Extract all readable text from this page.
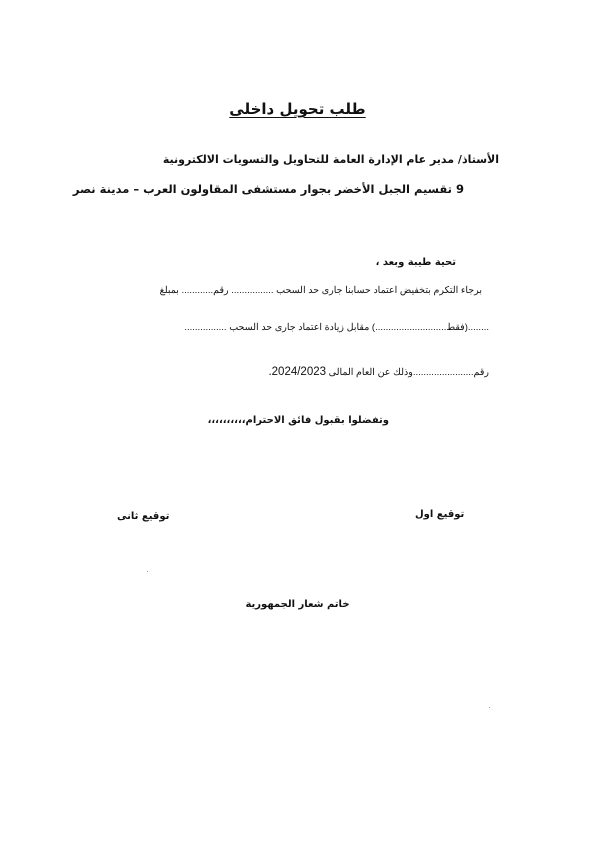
طلب تحويل داخلى
الأستاذ/ مدير عام الإدارة العامة للتحاويل والتسويات الالكترونية
9 تقسيم الجبل الأخضر بجوار مستشفى المقاولون العرب – مدينة نصر
تحية طيبة وبعد ،
برجاء التكرم بتخفيض اعتماد حسابنا جارى حد السحب ................ رقم............ بمبلغ
........(فقط...........................) مقابل زيادة اعتماد جارى حد السحب ................
رقم.......................وذلك عن العام المالى 2024/2023.
وتفضلوا بقبول فائق الاحترام،،،،،،،،،،
توقيع اول
توقيع ثانى
خاتم شعار الجمهورية
